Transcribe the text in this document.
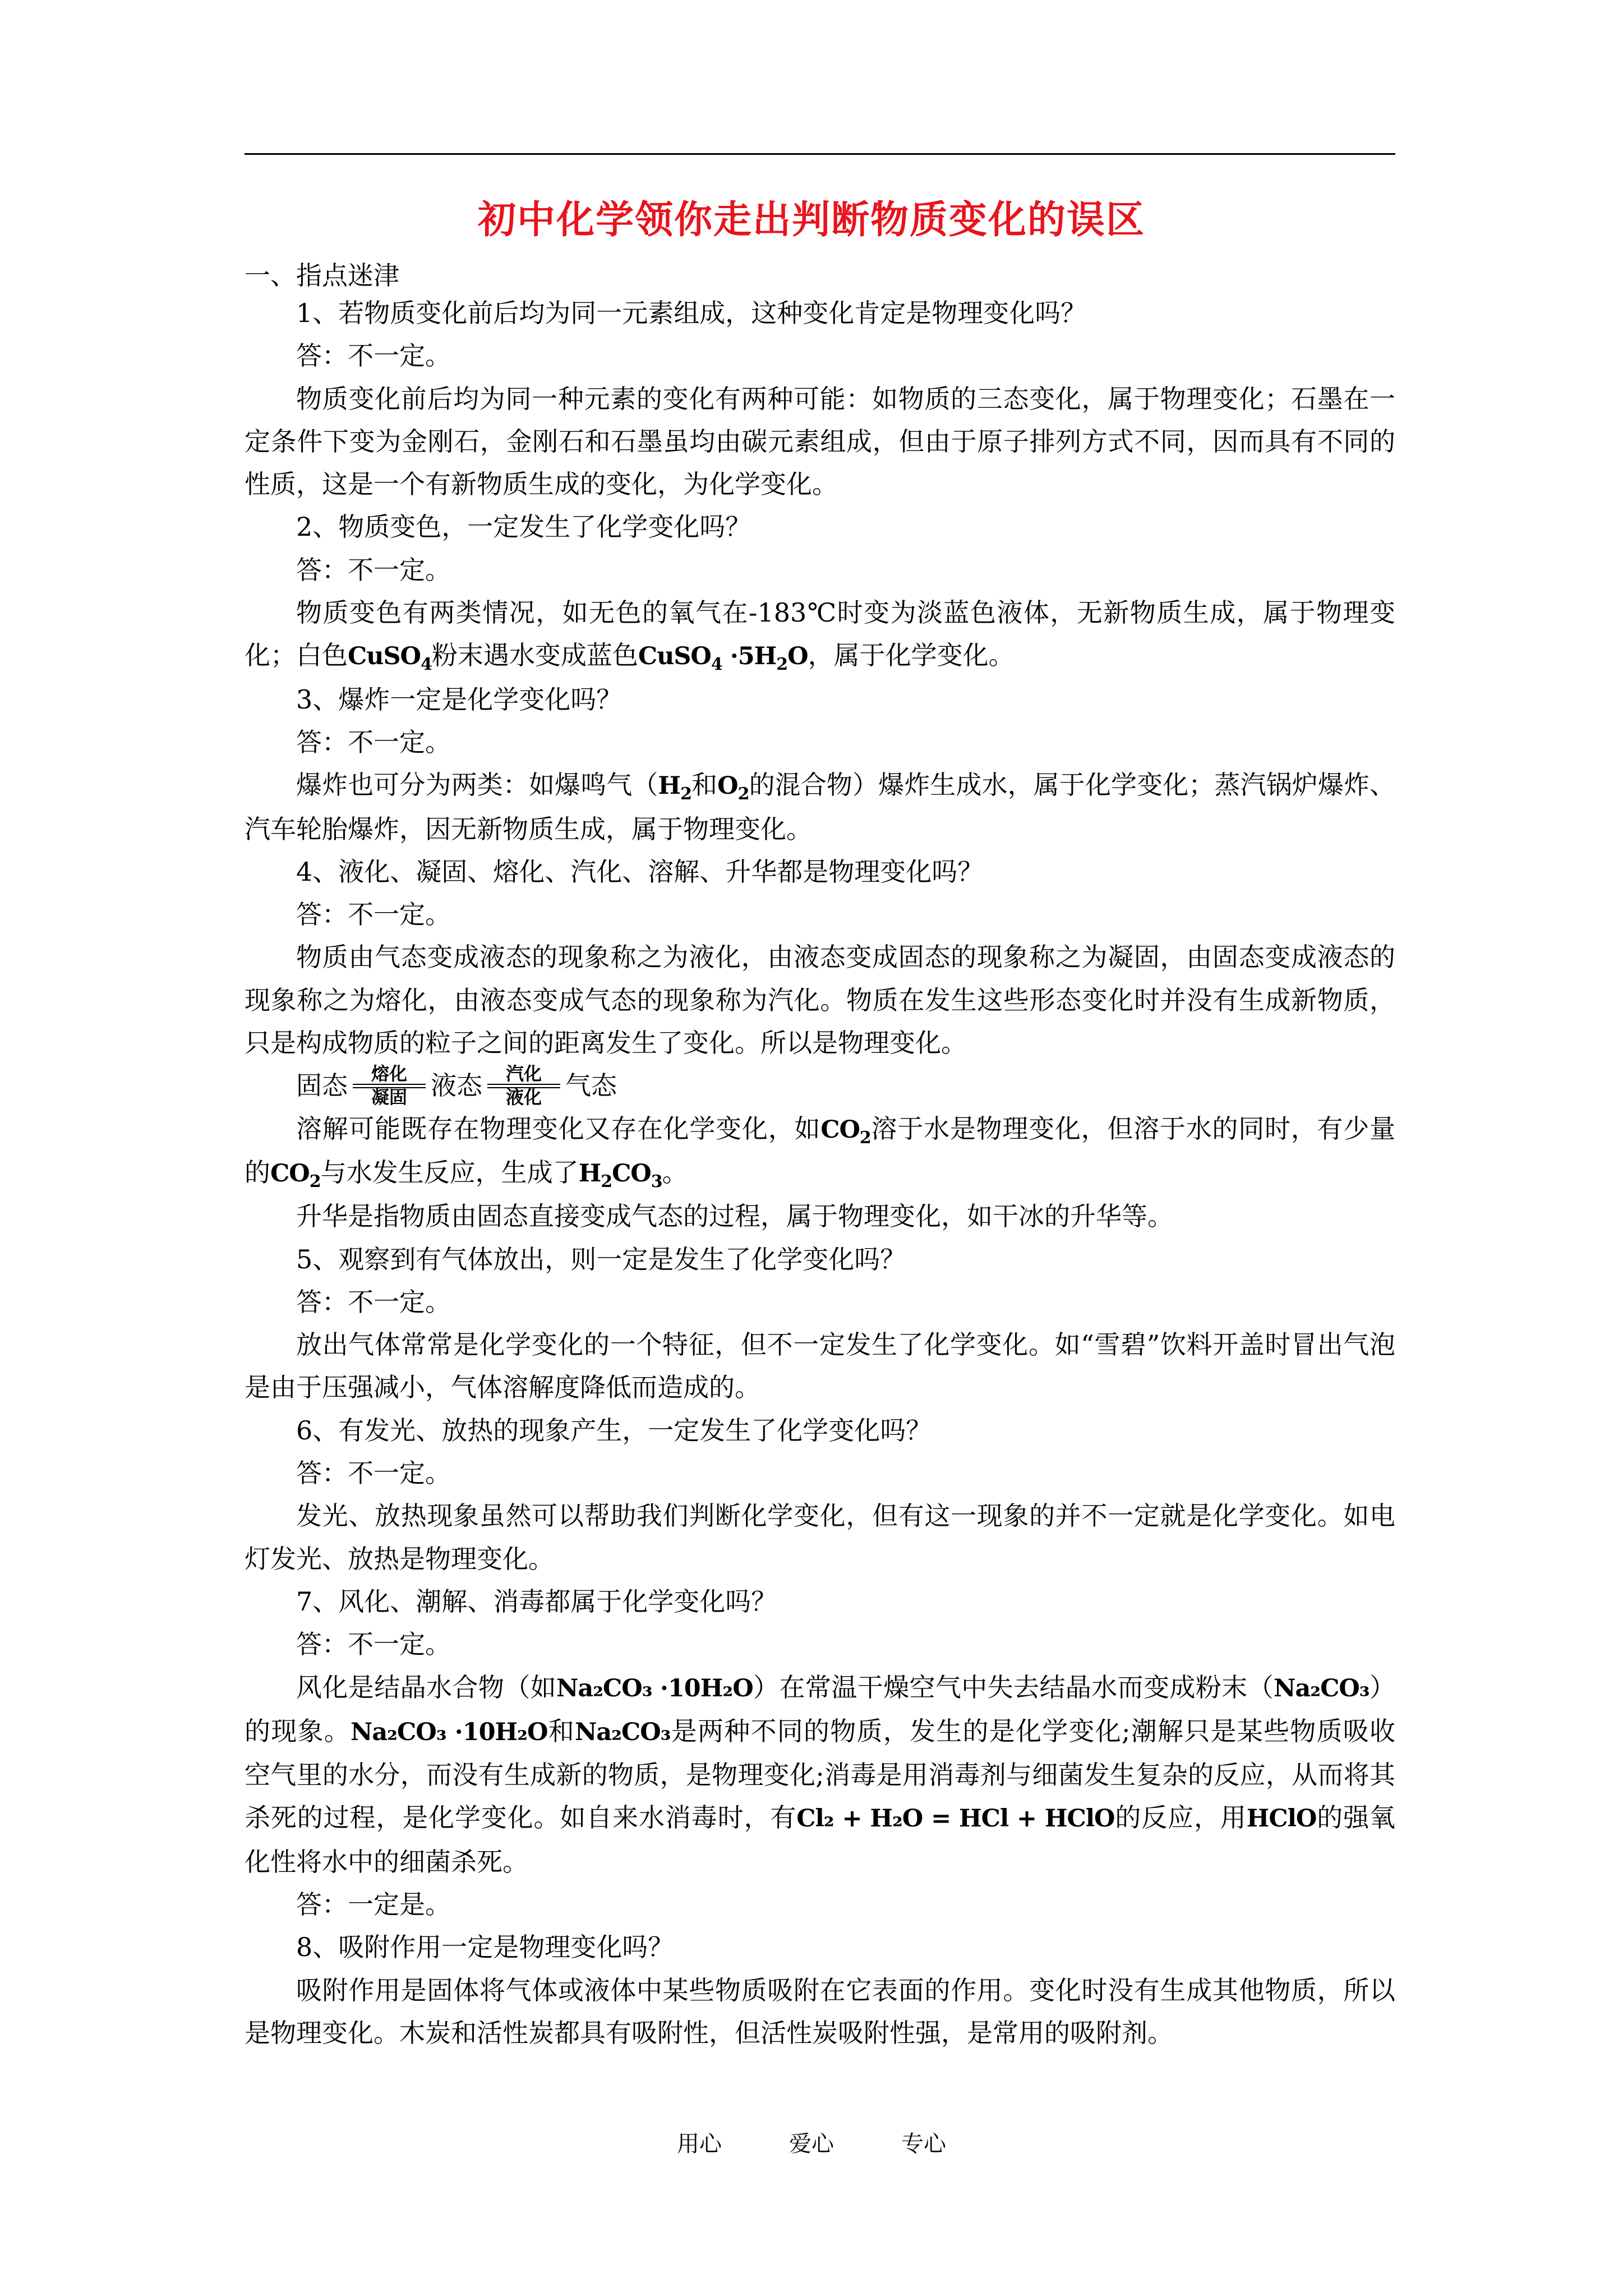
初中化学领你走出判断物质变化的误区
一、指点迷津

1、若物质变化前后均为同一元素组成，这种变化肯定是物理变化吗？

答：不一定。

物质变化前后均为同一种元素的变化有两种可能：如物质的三态变化，属于物理变化；石墨在一定条件下变为金刚石，金刚石和石墨虽均由碳元素组成，但由于原子排列方式不同，因而具有不同的性质，这是一个有新物质生成的变化，为化学变化。

2、物质变色，一定发生了化学变化吗？

答：不一定。

物质变色有两类情况，如无色的氧气在-183℃时变为淡蓝色液体，无新物质生成，属于物理变化；白色CuSO$_4$粉末遇水变成蓝色CuSO$_4$ $\cdot 5H_2O$，属于化学变化。

3、爆炸一定是化学变化吗？

答：不一定。

爆炸也可分为两类：如爆鸣气（$H_2$和$O_2$的混合物）爆炸生成水，属于化学变化；蒸汽锅炉爆炸、汽车轮胎爆炸，因无新物质生成，属于物理变化。

4、液化、凝固、熔化、汽化、溶解、升华都是物理变化吗？

答：不一定。

物质由气态变成液态的现象称之为液化，由液态变成固态的现象称之为凝固，由固态变成液态的现象称之为熔化，由液态变成气态的现象称为汽化。物质在发生这些形态变化时并没有生成新物质，只是构成物质的粒子之间的距离发生了变化。所以是物理变化。

固态 熔化
凝固 液态 汽化
液化 气态

溶解可能既存在物理变化又存在化学变化，如$CO_2$溶于水是物理变化，但溶于水的同时，有少量的$CO_2$与水发生反应，生成了$H_2CO_3$。

升华是指物质由固态直接变成气态的过程，属于物理变化，如干冰的升华等。

5、观察到有气体放出，则一定是发生了化学变化吗？

答：不一定。

放出气体常常是化学变化的一个特征，但不一定发生了化学变化。如“雪碧”饮料开盖时冒出气泡是由于压强减小，气体溶解度降低而造成的。

6、有发光、放热的现象产生，一定发生了化学变化吗？

答：不一定。

发光、放热现象虽然可以帮助我们判断化学变化，但有这一现象的并不一定就是化学变化。如电灯发光、放热是物理变化。

7、风化、潮解、消毒都属于化学变化吗？

答：不一定。

风化是结晶水合物（如Na₂CO₃ ·10H₂O）在常温干燥空气中失去结晶水而变成粉末（Na₂CO₃）的现象。Na₂CO₃ ·10H₂O和Na₂CO₃是两种不同的物质，发生的是化学变化;潮解只是某些物质吸收空气里的水分，而没有生成新的物质，是物理变化;消毒是用消毒剂与细菌发生复杂的反应，从而将其杀死的过程，是化学变化。如自来水消毒时，有Cl₂ + H₂O = HCl + HClO的反应，用HClO的强氧化性将水中的细菌杀死。

答：一定是。

8、吸附作用一定是物理变化吗？

吸附作用是固体将气体或液体中某些物质吸附在它表面的作用。变化时没有生成其他物质，所以是物理变化。木炭和活性炭都具有吸附性，但活性炭吸附性强，是常用的吸附剂。

用心	爱心	专心
